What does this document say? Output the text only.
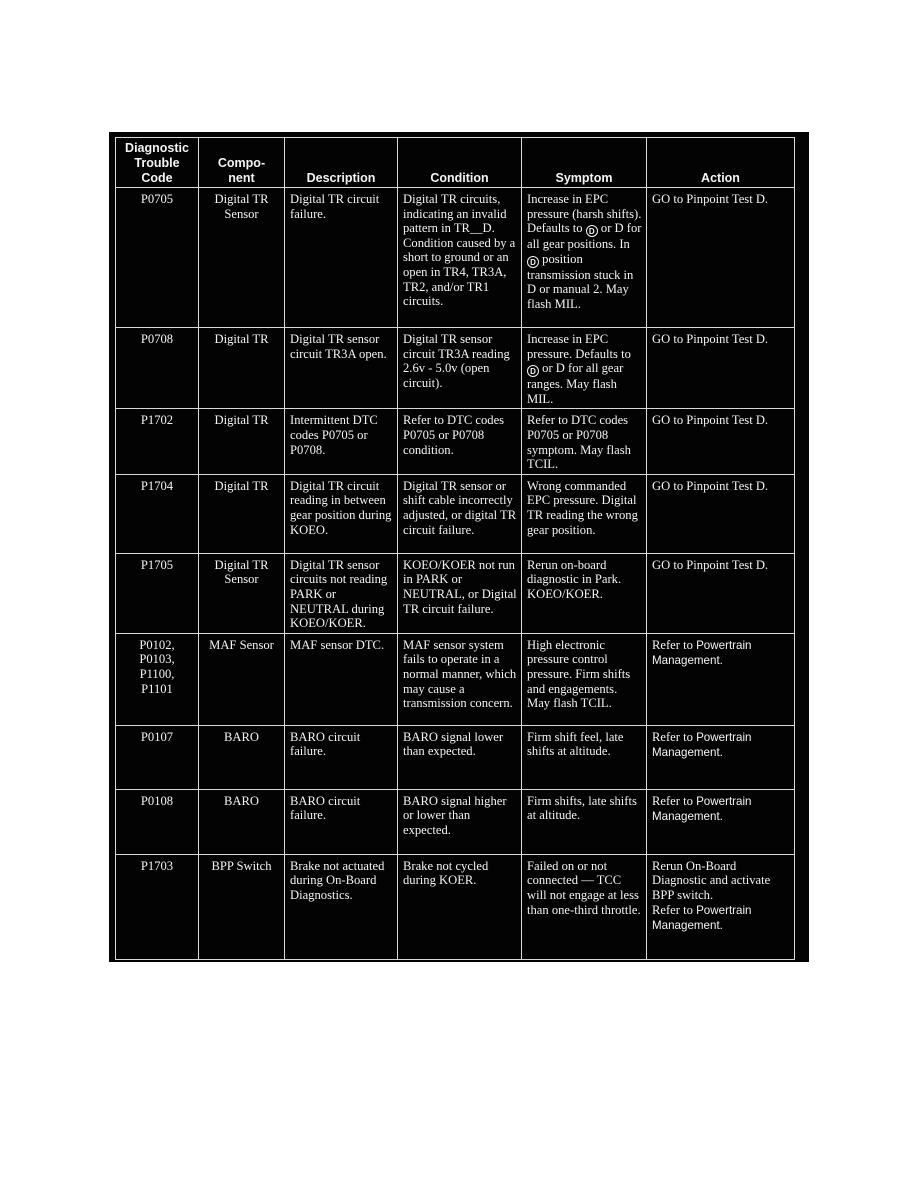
Diagnostic
Trouble
Code	Compo-
nent	Description	Condition	Symptom	Action

P0705	Digital TR
Sensor	Digital TR circuit failure.	Digital TR circuits, indicating an invalid pattern in TR__D. Condition caused by a short to ground or an open in TR4, TR3A, TR2, and/or TR1 circuits.	Increase in EPC pressure (harsh shifts). Defaults to D or D for all gear positions. In D position transmission stuck in D or manual 2. May flash MIL.	GO to Pinpoint Test D.

P0708	Digital TR	Digital TR sensor circuit TR3A open.	Digital TR sensor circuit TR3A reading 2.6v - 5.0v (open circuit).	Increase in EPC pressure. Defaults to D or D for all gear ranges. May flash MIL.	GO to Pinpoint Test D.

P1702	Digital TR	Intermittent DTC codes P0705 or P0708.	Refer to DTC codes P0705 or P0708 condition.	Refer to DTC codes P0705 or P0708 symptom. May flash TCIL.	GO to Pinpoint Test D.

P1704	Digital TR	Digital TR circuit reading in between gear position during KOEO.	Digital TR sensor or shift cable incorrectly adjusted, or digital TR circuit failure.	Wrong commanded EPC pressure. Digital TR reading the wrong gear position.	GO to Pinpoint Test D.

P1705	Digital TR
Sensor	Digital TR sensor circuits not reading PARK or NEUTRAL during KOEO/KOER.	KOEO/KOER not run in PARK or NEUTRAL, or Digital TR circuit failure.	Rerun on-board diagnostic in Park. KOEO/KOER.	GO to Pinpoint Test D.

P0102,
P0103,
P1100,
P1101	MAF Sensor	MAF sensor DTC.	MAF sensor system fails to operate in a normal manner, which may cause a transmission concern.	High electronic pressure control pressure. Firm shifts and engagements. May flash TCIL.	Refer to Powertrain Management.

P0107	BARO	BARO circuit failure.	BARO signal lower than expected.	Firm shift feel, late shifts at altitude.	Refer to Powertrain Management.

P0108	BARO	BARO circuit failure.	BARO signal higher or lower than expected.	Firm shifts, late shifts at altitude.	Refer to Powertrain Management.

P1703	BPP Switch	Brake not actuated during On-Board Diagnostics.	Brake not cycled during KOER.	Failed on or not connected — TCC will not engage at less than one-third throttle.	Rerun On-Board Diagnostic and activate BPP switch.
Refer to Powertrain Management.
